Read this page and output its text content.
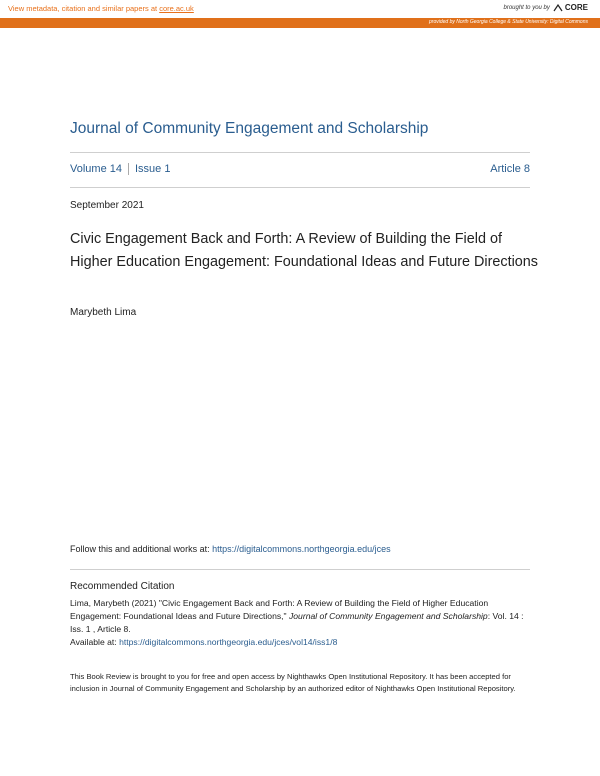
View metadata, citation and similar papers at core.ac.uk	brought to you by CORE
provided by North Georgia College & State University: Digital Commons
Journal of Community Engagement and Scholarship
Volume 14 Issue 1	Article 8
September 2021
Civic Engagement Back and Forth: A Review of Building the Field of Higher Education Engagement: Foundational Ideas and Future Directions
Marybeth Lima
Follow this and additional works at: https://digitalcommons.northgeorgia.edu/jces
Recommended Citation
Lima, Marybeth (2021) "Civic Engagement Back and Forth: A Review of Building the Field of Higher Education Engagement: Foundational Ideas and Future Directions," Journal of Community Engagement and Scholarship: Vol. 14 : Iss. 1 , Article 8.
Available at: https://digitalcommons.northgeorgia.edu/jces/vol14/iss1/8
This Book Review is brought to you for free and open access by Nighthawks Open Institutional Repository. It has been accepted for inclusion in Journal of Community Engagement and Scholarship by an authorized editor of Nighthawks Open Institutional Repository.
